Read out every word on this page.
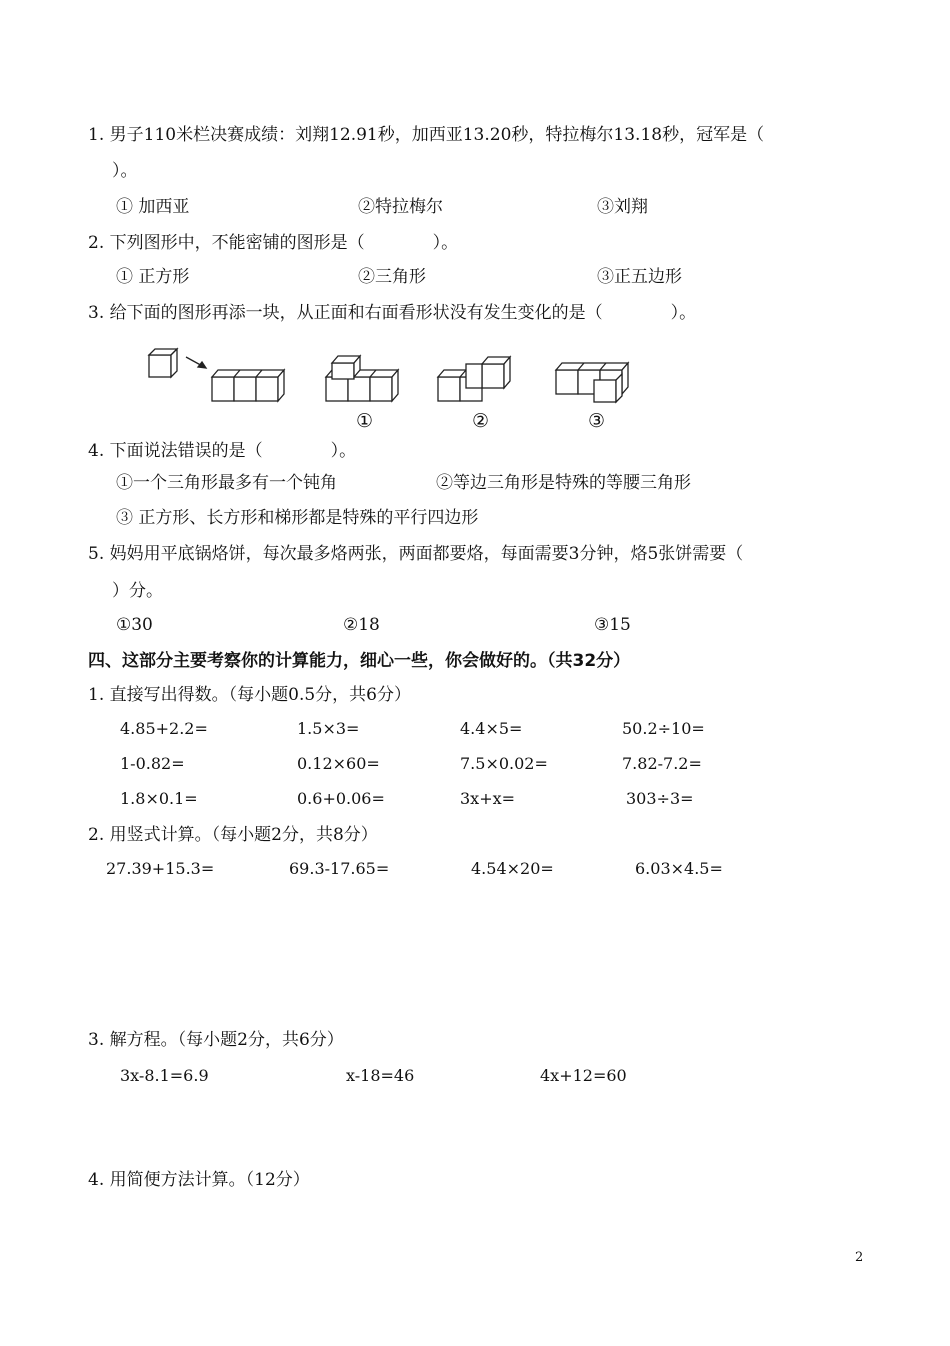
1. 男子110米栏决赛成绩：刘翔12.91秒，加西亚13.20秒，特拉梅尔13.18秒，冠军是（
）。
① 加西亚	②特拉梅尔	③刘翔
2. 下列图形中，不能密铺的图形是（　　　　）。
① 正方形	②三角形	③正五边形
3. 给下面的图形再添一块，从正面和右面看形状没有发生变化的是（　　　　）。
①	②	③
4. 下面说法错误的是（　　　　）。
①一个三角形最多有一个钝角	②等边三角形是特殊的等腰三角形
③ 正方形、长方形和梯形都是特殊的平行四边形
5. 妈妈用平底锅烙饼，每次最多烙两张，两面都要烙，每面需要3分钟，烙5张饼需要（
）分。
①30	②18	③15
四、这部分主要考察你的计算能力，细心一些，你会做好的。（共32分）
1. 直接写出得数。（每小题0.5分，共6分）
4.85+2.2=	1.5×3=	4.4×5=	50.2÷10=
1-0.82=	0.12×60=	7.5×0.02=	7.82-7.2=
1.8×0.1=	0.6+0.06=	3x+x=	303÷3=
2. 用竖式计算。（每小题2分，共8分）
27.39+15.3=	69.3-17.65=	4.54×20=	6.03×4.5=
3. 解方程。（每小题2分，共6分）
3x-8.1=6.9	x-18=46	4x+12=60
4. 用简便方法计算。（12分）
2
